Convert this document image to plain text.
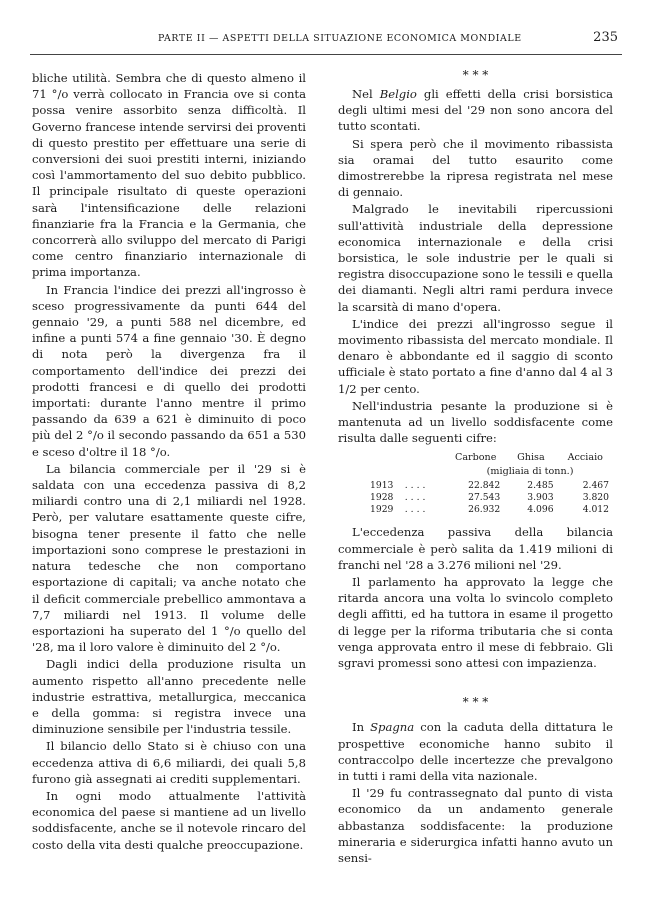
PARTE II — ASPETTI DELLA SITUAZIONE ECONOMICA MONDIALE	235

bliche utilità. Sembra che di questo almeno il 71 °/o verrà collocato in Francia ove si conta possa venire assorbito senza difficoltà. Il Governo francese intende servirsi dei proventi di questo prestito per effettuare una serie di conversioni dei suoi prestiti interni, iniziando così l'ammortamento del suo debito pubblico. Il principale risultato di queste operazioni sarà l'intensificazione delle relazioni finanziarie fra la Francia e la Germania, che concorrerà allo sviluppo del mercato di Parigi come centro finanziario internazionale di prima importanza.

In Francia l'indice dei prezzi all'ingrosso è sceso progressivamente da punti 644 del gennaio '29, a punti 588 nel dicembre, ed infine a punti 574 a fine gennaio '30. È degno di nota però la divergenza fra il comportamento dell'indice dei prezzi dei prodotti francesi e di quello dei prodotti importati: durante l'anno mentre il primo passando da 639 a 621 è diminuito di poco più del 2 °/o il secondo passando da 651 a 530 e sceso d'oltre il 18 °/o.

La bilancia commerciale per il '29 si è saldata con una eccedenza passiva di 8,2 miliardi contro una di 2,1 miliardi nel 1928. Però, per valutare esattamente queste cifre, bisogna tener presente il fatto che nelle importazioni sono comprese le prestazioni in natura tedesche che non comportano esportazione di capitali; va anche notato che il deficit commerciale prebellico ammontava a 7,7 miliardi nel 1913. Il volume delle esportazioni ha superato del 1 °/o quello del '28, ma il loro valore è diminuito del 2 °/o.

Dagli indici della produzione risulta un aumento rispetto all'anno precedente nelle industrie estrattiva, metallurgica, meccanica e della gomma: si registra invece una diminuzione sensibile per l'industria tessile.

Il bilancio dello Stato si è chiuso con una eccedenza attiva di 6,6 miliardi, dei quali 5,8 furono già assegnati ai crediti supplementari.

In ogni modo attualmente l'attività economica del paese si mantiene ad un livello soddisfacente, anche se il notevole rincaro del costo della vita desti qualche preoccupazione.

* * *

Nel Belgio gli effetti della crisi borsistica degli ultimi mesi del '29 non sono ancora del tutto scontati.

Si spera però che il movimento ribassista sia oramai del tutto esaurito come dimostrerebbe la ripresa registrata nel mese di gennaio.

Malgrado le inevitabili ripercussioni sull'attività industriale della depressione economica internazionale e della crisi borsistica, le sole industrie per le quali si registra disoccupazione sono le tessili e quella dei diamanti. Negli altri rami perdura invece la scarsità di mano d'opera.

L'indice dei prezzi all'ingrosso segue il movimento ribassista del mercato mondiale. Il denaro è abbondante ed il saggio di sconto ufficiale è stato portato a fine d'anno dal 4 al 3 1/2 per cento.

Nell'industria pesante la produzione si è mantenuta ad un livello soddisfacente come risulta dalle seguenti cifre:

		Carbone	Ghisa	Acciaio
		(migliaia di tonn.)		
1913	....	22.842	2.485	2.467
1928	....	27.543	3.903	3.820
1929	....	26.932	4.096	4.012

L'eccedenza passiva della bilancia commerciale è però salita da 1.419 milioni di franchi nel '28 a 3.276 milioni nel '29.

Il parlamento ha approvato la legge che ritarda ancora una volta lo svincolo completo degli affitti, ed ha tuttora in esame il progetto di legge per la riforma tributaria che si conta venga approvata entro il mese di febbraio. Gli sgravi promessi sono attesi con impazienza.

* * *

In Spagna con la caduta della dittatura le prospettive economiche hanno subito il contraccolpo delle incertezze che prevalgono in tutti i rami della vita nazionale.

Il '29 fu contrassegnato dal punto di vista economico da un andamento generale abbastanza soddisfacente: la produzione mineraria e siderurgica infatti hanno avuto un sensi-
